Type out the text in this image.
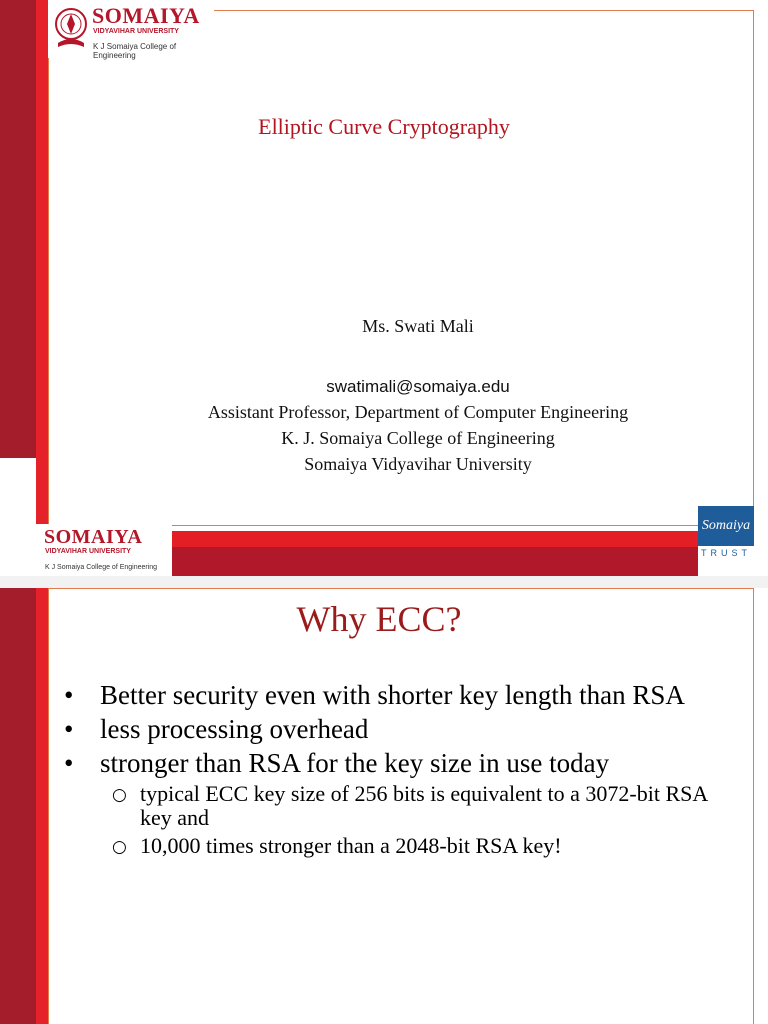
SOMAIYA
VIDYAVIHAR UNIVERSITY
K J Somaiya College of Engineering
Elliptic Curve Cryptography
Ms. Swati Mali
swatimali@somaiya.edu
Assistant Professor, Department of Computer Engineering
K. J. Somaiya College of Engineering
Somaiya Vidyavihar University
SOMAIYA
VIDYAVIHAR UNIVERSITY
K J Somaiya College of Engineering
Somaiya
TRUST
Why ECC?
• Better security even with shorter key length than RSA
• less processing overhead
• stronger than RSA for the key size in use today
○ typical ECC key size of 256 bits is equivalent to a 3072-bit RSA key and
○ 10,000 times stronger than a 2048-bit RSA key!
